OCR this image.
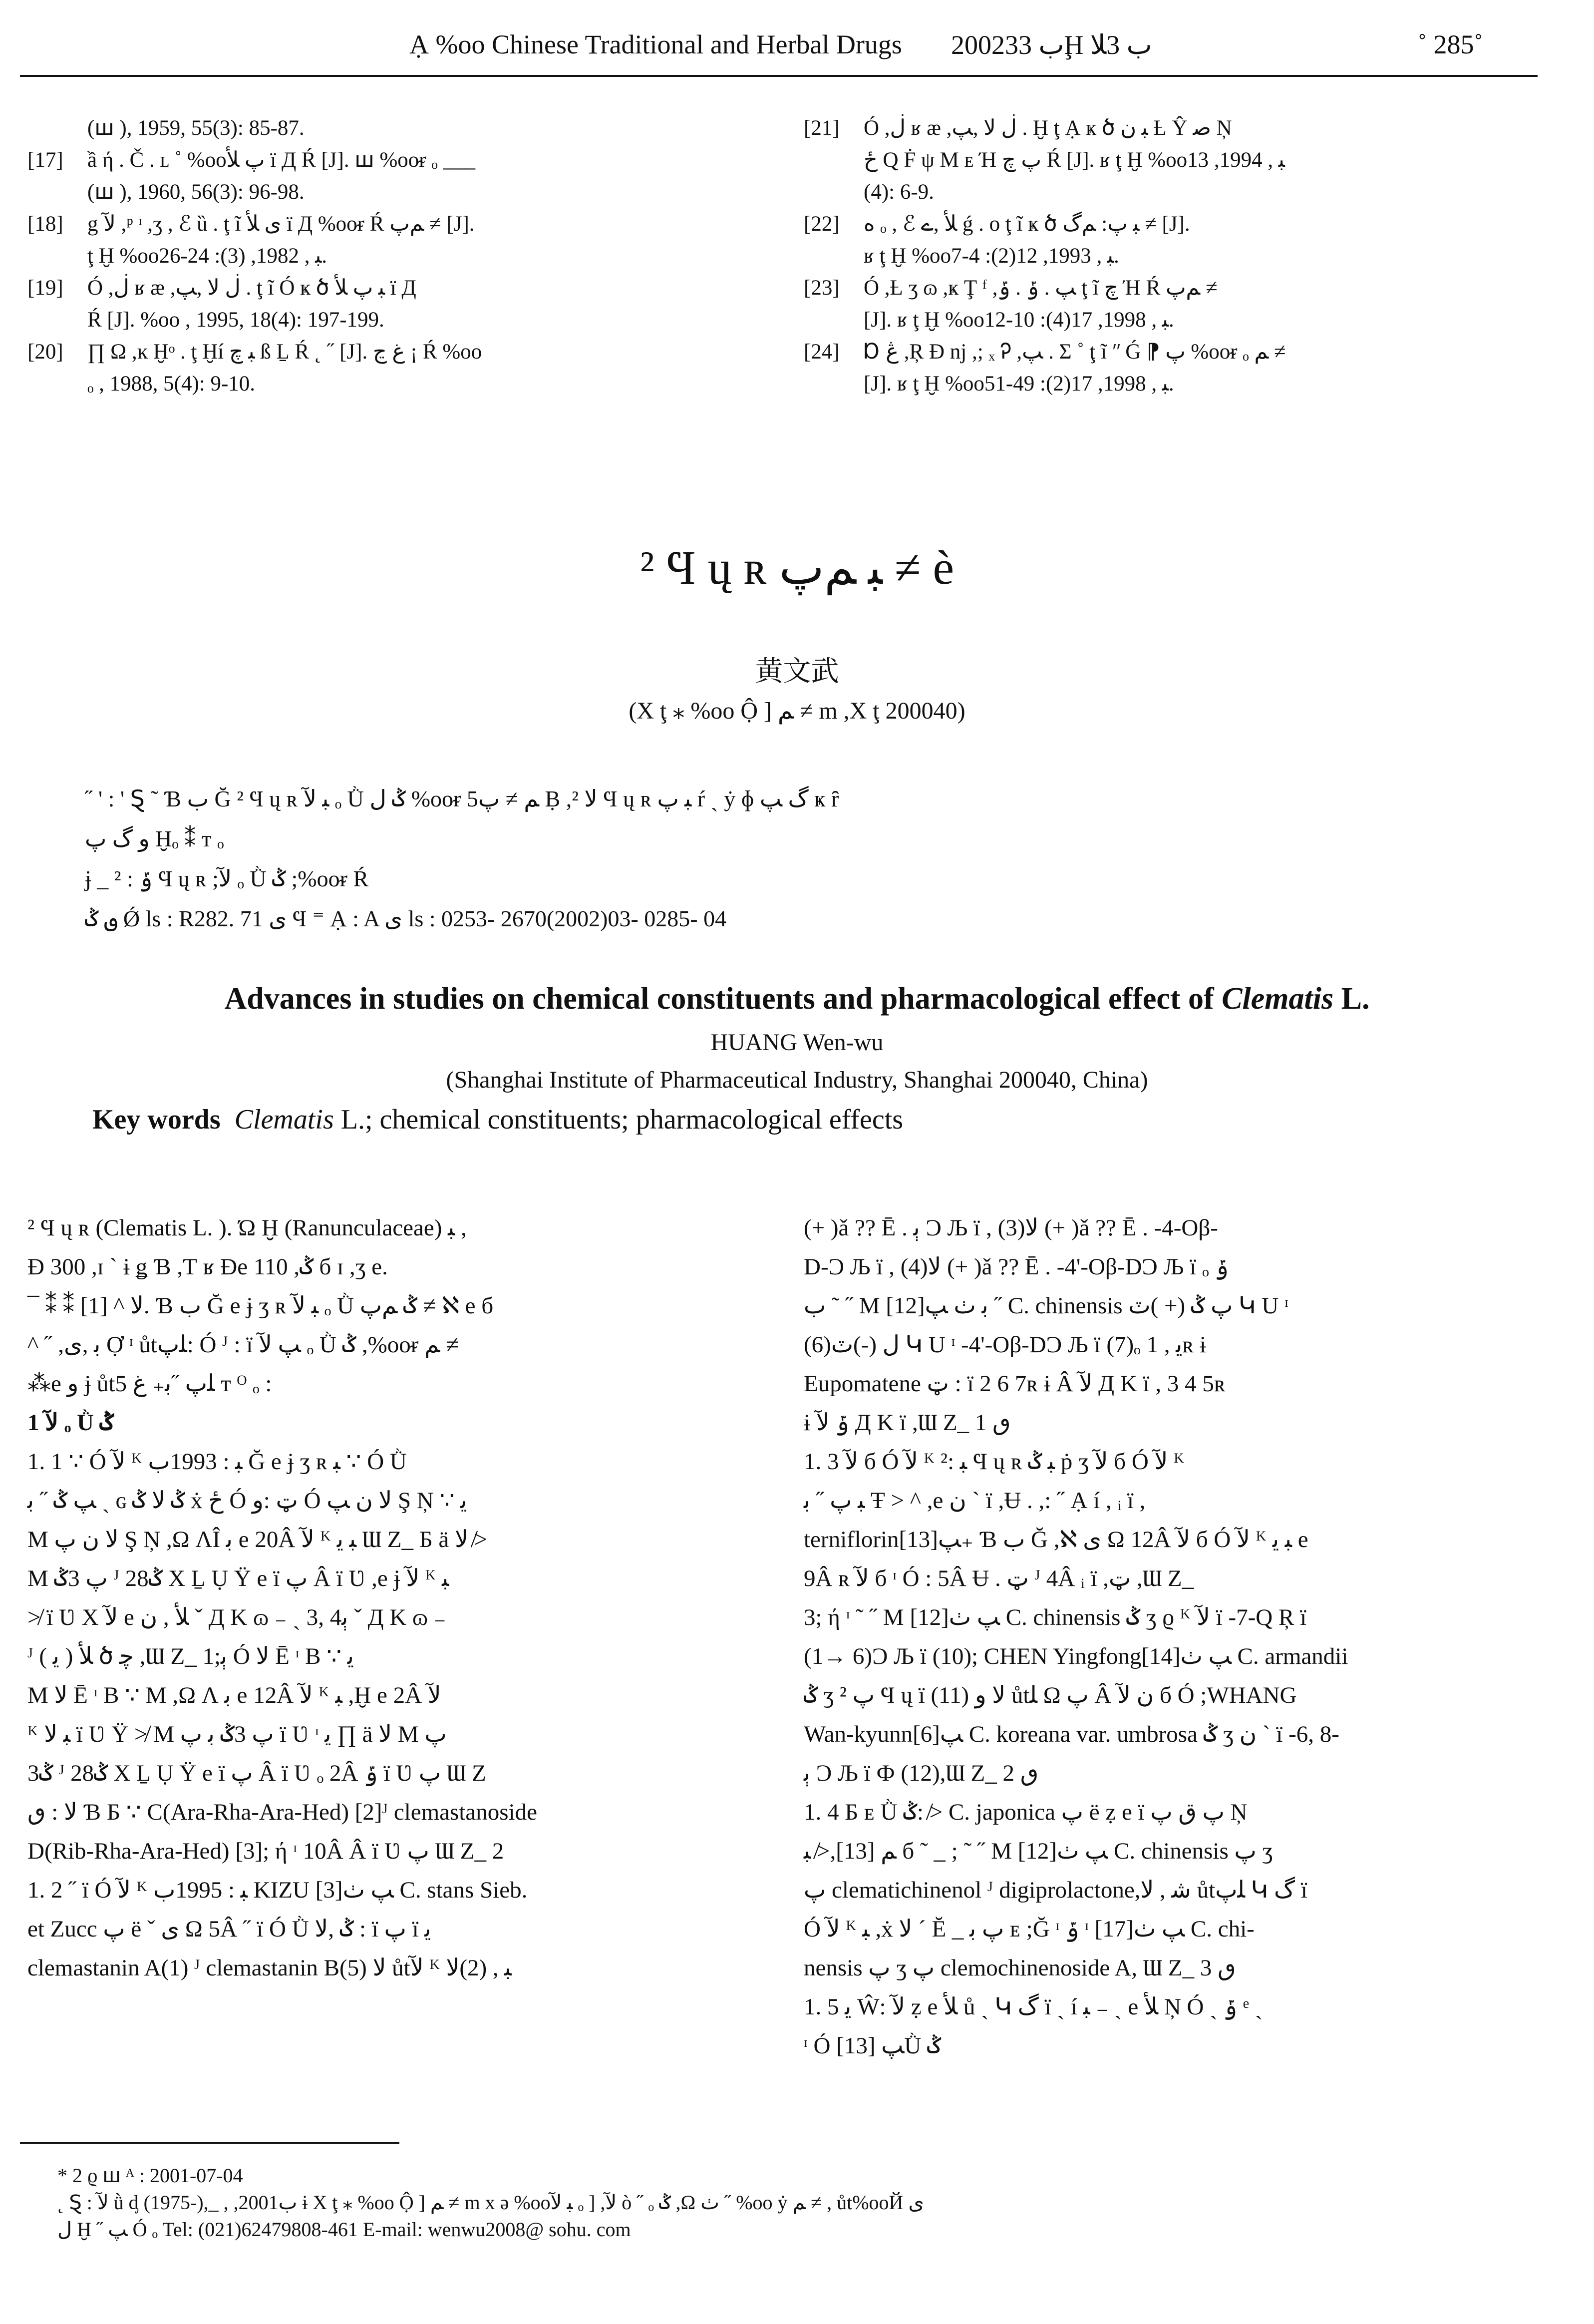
Ạ %oo Chinese Traditional and Herbal Drugs 2002ب 33Ḩ ب 3ﻼ	˚ 285˚
(ꟺ ), 1959, 55(3): 85-87.
[17] ầ ή . Č . ʟ ˚ %ooپ ﻸ ï Д Ŕ [J]. ꟺ %ooᵲ ₒ ___
(ꟺ ), 1960, 56(3): 96-98.
[18] g ﻵ ,ᵖ ᶦ ,ʒ , ℰ ȕ . ţ ĩ ی ﻸ ï Д %ooᵲ Ŕ ﻢپ ≠ [J].
ţ Ḫ %ooﺒ , 1982, (3): 24-26.
[19] Ó ,ڶ ʁ æ ,ڶ ﻻ ,ﭗ . ţ ĩ Ó ҝ ծ ﺒ پ ﻸ ï Д
Ŕ [J]. %oo , 1995, 18(4): 197-199.
[20] ∏ Ω ,ĸ Ḫᵒ . ţ Ḫí ﺒ ﭺ ß Ḻ Ŕ ˛ ˝ [J]. ﻍ ڃ ¡ Ŕ %oo
ₒ , 1988, 5(4): 9-10.
[21] Ó ,ڶ ʁ æ ,ڶ ﻻ ,ﭗ . Ḫ ţ Ạ ҝ ծ ﺒ ن Ƚ Ŷ ﺻ Ņ
ځ Q Ḟ ψ M ᴇ Ή پ ﭺ Ŕ [J]. ʁ ţ Ḫ %ooﺒ , 1994, 13
(4): 6-9.
[22] ﻩ ₒ , ℰ ﻸ ,ے ǵ . o ţ ĩ ҝ ծ ﺒ پ: ﻢگ ≠ [J].
ʁ ţ Ḫ %ooﺒ , 1993, 12(2): 4-7.
[23] Ó ,Ƚ ʒ ɷ ,ҝ Ţ ᶠ ,ﭗ . ݹ . ݹ ţ ĩ ﭺ Ή Ŕ ﻢپ ≠
[J]. ʁ ţ Ḫ %ooﺒ , 1998, 17(4): 10-12.
[24] Ɒ ڠ ,Ŗ Ɖ nj ,; ₓ Ꭾ ,ﭗ . Σ ˚ ţ ĩ ʺ Ǵ ⁋ پ %ooᵲ ₒ ﻢ ≠
[J]. ʁ ţ Ḫ %ooﺒ , 1998, 17(2): 49-51.
² Ϥ ų ʀ ﺒ ﻢپ ≠ è
黄文武
(Χ ţ ⁎ %oo Ộ ] ﻢ ≠ m ,Χ ţ 200040)

˝ ' : ' Ȿ ˜ Ɓ ب Ğ ² Ϥ ų ʀ ﺒ ﻵ ₒ Ǜ ݣ ﻝ %ooᵲ ﻢ ≠ پ5 Ḅ ,ﻻ ² Ϥ ų ʀ ﺒ پ ŕ ˎ ẏ ɸ گ ﭗ ҝ ȓ

ﻭ گ پ Ḫₒ ⁑ ᴛ ₒ

ɉ _ ݹ : ² Ϥ ų ʀ ;ﻵ ₒ Ǜ ݣ ;%ooᵲ Ŕ

ٯ ݣ Ǿ ls : R282. 71 ی Ϥ ⁼ Ạ : A ی ls : 0253- 2670(2002)03- 0285- 04

Advances in studies on chemical constituents and pharmacological effect of Clematis L.
HUANG Wen-wu
(Shanghai Institute of Pharmaceutical Industry, Shanghai 200040, China)
Key words Clematis L.; chemical constituents; pharmacological effects

² Ϥ ų ʀ (Clematis L. ). Ώ Ḫ (Ranunculaceae) ﺒ ,

Ɖ 300 ,ɪ ˋ ɨ ǥ Ɓ ,Ƭ ʁ Ɖe 110 ,ݣ б ɪ ,ʒ e.

¯ ⁑ ⁑ ﻻ ^ [1]. Ɓ ب Ğ e ɉ ʒ ʀ ﺒ ﻵ ₒ Ǜ ݣ ﻢپ ≠ ℵ e б

^ ˝ ,ﺑ ,ی Ợ ᶦ ůtﻠپ: Ó ᴶ : ï ﭗ ﻵ ₒ Ǜ ݣ ,%ooᵲ ﻢ ≠

⁂e ﻭ ɉ ůtﻠپ ˝ﺑ₊ ﻍ 5 ᴛ ᴼ ₒ :

1 ﻵ ₒ Ǜ ݣ

1. 1 ∵ Ó ﻵ ᴷ ﺒ : 1993ب Ğ e ɉ ʒ ʀ ﺒ ∵ Ó Ǜ

ﭗ ݣ ˝ ﺑ ˎ ɢ ݣ ﻻ ݣ ẋ ځ Ó ټ :ﻭ Ó ﻻ ن ﭗ Ş Ņ ∵ ﻳ

M ﻻ ن پ Ş Ņ ,Ω ɅÎ ﺑ e 20Â ﻵ ᴷ ﺒ ﻳ Ɯ Z_ Б ä ﻻ ≯

M پ 3ݣ ᴶ 28ݣ Χ Ḻ Ụ Ÿ e ï پ Â ï Ʋ ,e ɉ ﻵ ᴷ ﺒ

≯ ï Ʋ Χ ﻵ e ﻸ , ن ˇ Д K ɷ ₋ ˎ 3, 4ﭔ ˇ Д K ɷ ₋

ᴶ ( ﻳ ) ﻸ ծ ﭼ ,Ɯ Z_ 1;ﭔ Ó ﻻ Ē ᶦ B ∵ ﻳ

M ﻻ Ē ᶦ B ∵ M ,Ω Ʌ ﺑ e 12Â ﻵ ᴷ ﺒ ,Ḫ e 2Â ﻵ

ᴷ ﺒ ﻻ ï Ʋ Ÿ ≯ M پ 3ݣ ﺑ پ ï Ʋ ᶦ ﻳ ∏ ä ﻻ M پ

3ݣ ᴶ 28ݣ Χ Ḻ Ụ Ÿ e ï پ Â ï Ʋ ₒ 2Â ݹ ï Ʋ پ Ɯ Z

ﻻ : ٯ Ɓ Б ∵ C(Ara-Rha-Ara-Hed) [2]ᴶ clemastanoside

D(Rib-Rha-Ara-Hed) [3]; ή ᶦ 10Â Â ï Ʋ پ Ɯ Z_ 2

1. 2 ˝ ï Ó ﻵ ᴷ ﺒ : 1995ب KIZU [3]ﭗ ٺ C. stans Sieb.

et Zucc پ ë ˇ ی Ω 5Â ˝ ï Ó Ǜ ݣ ,ﻻ : ï پ ï ﻳ

clemastanin A(1) ᴶ clemastanin B(5) ﻻ ůtﻵ ᴷ ﺒ , (2)ﻻ

(+ )ǎ ?? Ē . ﭔ Ɔ Љ ï , (3)ﻻ (+ )ǎ ?? Ē . -4-Oβ-

D-Ɔ Љ ï , (4)ﻻ (+ )ǎ ?? Ē . -4'-Oβ-DƆ Љ ï ₒ ݹ

ب ˜ ˝ M [12]ﺑ ٺ ﭗ ˝ C. chinensis پ ݣ (+ )ٽ Կ U ᶦ

(6)ﻝ (-)ٽ Կ U ᶦ -4'-Oβ-DƆ Љ ï (7)ₒ ﻳ , 1ʀ ɨ

Eupomatene ټ : ï 2 6 7ʀ ɨ Â ﻵ Д K ï , 3 4 5ʀ

ɨ ݹ ﻵ Д K ï ,Ɯ Z_ ٯ 1

1. 3 ﻵ б Ó ﻵ ᴷ ﺒ :² Ϥ ų ʀ ﺒ ݣ ṗ ʒ ﻵ б Ó ﻵ ᴷ

ﺒ پ ˝ ﺑ Ŧ > ^ ,e ن ˋ ï ,Ʉ . ,: ˝ Ạ í , ᵢ ï ,

terniflorin[13]ﭗ₊ Ɓ ب Ğ ,ℵ ی Ω 12Â ﻵ б Ó ﻵ ᴷ ﺒ ﻳ e

9Â ʀ ﻵ б ᶦ Ó : 5Â Ʉ . ټ ᴶ 4Â ᵢ ï ,ټ ,Ɯ Z_

3; ή ᶦ ˜ ˝ M [12]ﭗ ٺ C. chinensis ݣ ʒ ϱ ᴷ ﻵ ï -7-Q Ŗ ï

(1→ 6)Ɔ Љ ï (10); CHEN Yingfong[14]ﭗ ٺ C. armandii

ݣ ʒ پ ² Ϥ ų ï (11) ﻻ ﻭ ůtﻠ Ω پ Â ن ﻵ б Ó ;WHANG

Wan-kyunn[6]ﭗ C. koreana var. umbrosa ݣ ʒ ن ˋ ï -6, 8-

ﭔ Ɔ Љ ï Ф (12),Ɯ Z_ ٯ 2

1. 4 Б ᴇ Ǜ ݣ: ≯ C. japonica پ ë ẓ e ï پ ق پ Ņ

ﻢ [13],≯ ﺒ б ˜ _ ; ˜ ˝ M [12]ﭗ ٺ C. chinensis پ ʒ

پ clematichinenol ᴶ digiprolactone,ﺷ , ﻻ ůtﻠپ Կ گ ï

Ó ﻵ ᴷ ﺒ ,ẋ ﻻ ˊ Ĕ _ پ ﺑ ᴇ ;Ğ ᶦ ݹ ᶦ [17]ﭗ ٺ C. chi-

nensis پ ʒ پ clemochinenoside A, Ɯ Z_ ٯ 3

1. 5 ﻳ Ŵ: ﻵ ẓ e ﻸ ů ˎ Կ گ ï ˎ í ﺒ ₋ ˎ e ﻸ Ņ Ó ˎ ݹ ᵉ ˎ

ᶦ Ó ﭗ [13]Ǜ ݣ

* 2 ϱ ꟺ ᴬ : 2001-07-04
˛ Ȿ : ﻵ ǜ ᶁ (1975-),_ , ,2001ب ɨ Χ ţ ⁎ %oo Ộ ] ﻢ ≠ m x ǝ %ooﺒ ﻵ ₒ ] ,ﻵ ò ˝ ₒ ݣ ,Ω ٺ ˝ %oo ẏ ﻢ ≠ , ůt%ooЙ ی
ﻝ Ḫ ˝ ﭗ Ó ₒ Tel: (021)62479808-461 E-mail: wenwu2008@ sohu. com
